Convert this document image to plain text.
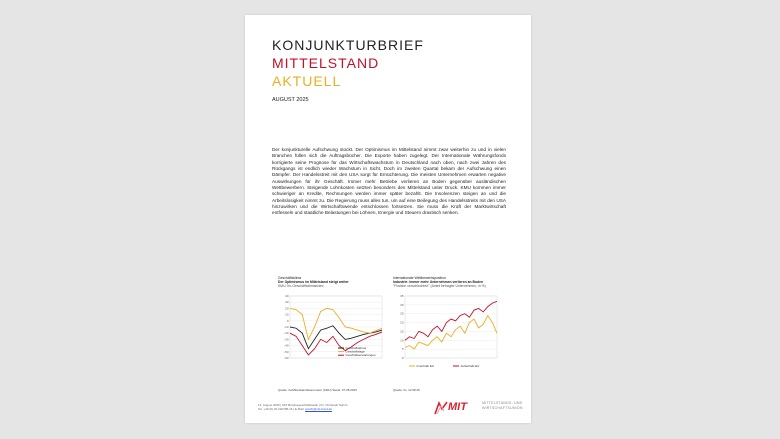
KONJUNKTURBRIEF
MITTELSTAND
AKTUELL
AUGUST 2025
Der konjunkturelle Aufschwung stockt. Der Optimismus im Mittelstand nimmt zwar weiterhin zu und in vielen Branchen füllen sich die Auftragsbücher. Die Exporte haben zugelegt. Der Internationale Währungsfonds korrigierte seine Prognose für das Wirtschaftswachstum in Deutschland nach oben, nach zwei Jahren des Rückgangs ist endlich wieder Wachstum in Sicht. Doch im zweiten Quartal bekam der Aufschwung einen Dämpfer. Der Handelsstreit mit den USA sorgt für Ernüchterung. Die meisten Unternehmen erwarten negative Auswirkungen für ihr Geschäft. Immer mehr Betriebe verlieren an Boden gegenüber ausländischen Wettbewerbern. Steigende Lohnkosten setzten besonders den Mittelstand unter Druck. KMU kommen immer schwieriger an Kredite, Rechnungen werden immer später bezahlt. Die Insolvenzen steigen an und die Arbeitslosigkeit nimmt zu. Die Regierung muss alles tun, um auf eine Beilegung des Handelsstreits mit den USA hinzuwirken und die Wirtschaftswende entschlossen fortsetzen. Sie muss die Kraft der Marktwirtschaft entfesseln und staatliche Belastungen bei Löhnen, Energie und Steuern drastisch senken.
Geschäftsklima
Der Optimismus im Mittelstand steigt weiter
KMU, Ifo-Geschäftsklimaindex
40
30
20
10
0
-10
-20
-30
-40
-50
-60
Geschäftsklima
Geschäftslage
Geschäftserwartungen
Quelle: ifo/Mittelstandsbarometer (KMU) Stand: 07.08.2025
Internationale Wettbewerbsposition
Industrie: Immer mehr Unternehmen verlieren an Boden
"Position verschlechtert" (Anteil befragter Unternehmen, in %)
35
30
25
20
15
10
5
0
Innerhalb EU	Außerhalb EU
Quelle: ifo, 12.08.25
14. August 2025 | MIT Bundesgeschäftsstelle | Dr. Christoph Sprich
Tel. +49 (0) 30 220798-16 | E-Mail: sprich@mit-bund.de	MIT	MITTELSTANDS- UND
WIRTSCHAFTSUNION
